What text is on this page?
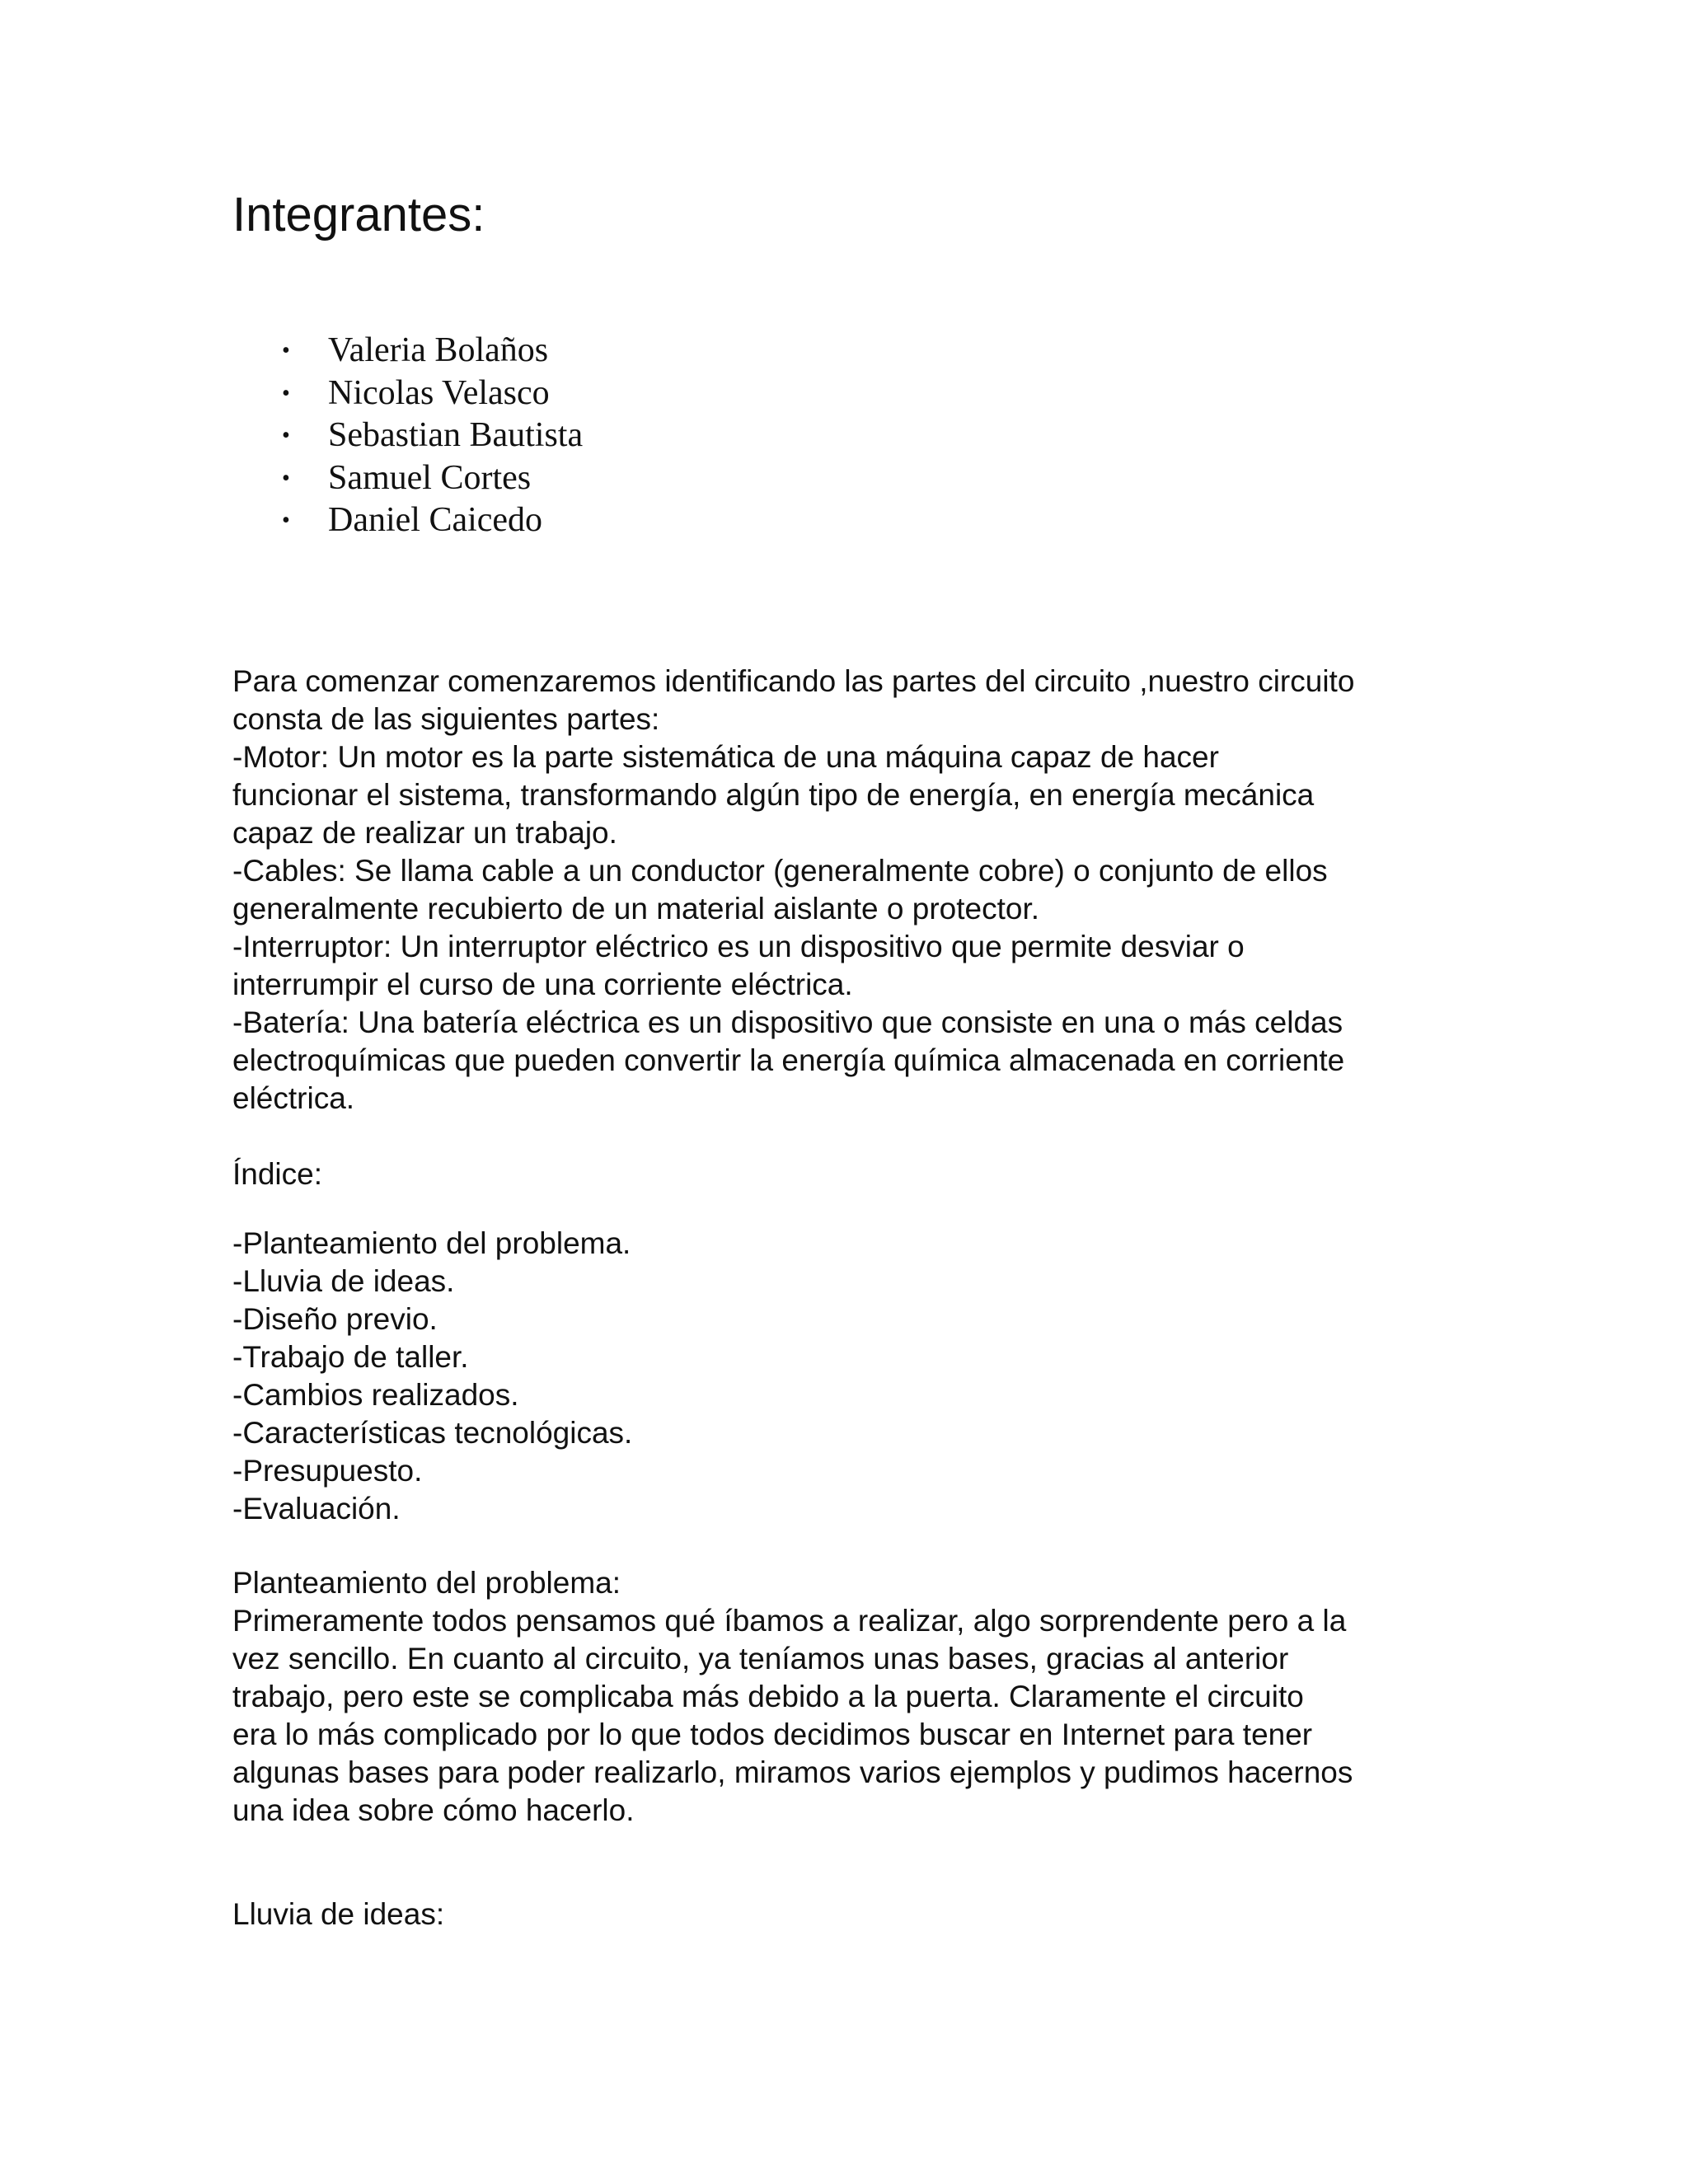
Integrantes:
• Valeria Bolaños
• Nicolas Velasco
• Sebastian Bautista
• Samuel Cortes
• Daniel Caicedo

Para comenzar comenzaremos identificando las partes del circuito ,nuestro circuito

consta de las siguientes partes:

-Motor: Un motor es la parte sistemática de una máquina capaz de hacer

funcionar el sistema, transformando algún tipo de energía, en energía mecánica

capaz de realizar un trabajo.

-Cables: Se llama cable a un conductor (generalmente cobre) o conjunto de ellos

generalmente recubierto de un material aislante o protector.

-Interruptor: Un interruptor eléctrico es un dispositivo que permite desviar o

interrumpir el curso de una corriente eléctrica.

-Batería: Una batería eléctrica es un dispositivo que consiste en una o más celdas

electroquímicas que pueden convertir la energía química almacenada en corriente

eléctrica.

Índice:

-Planteamiento del problema.

-Lluvia de ideas.

-Diseño previo.

-Trabajo de taller.

-Cambios realizados.

-Características tecnológicas.

-Presupuesto.

-Evaluación.

Planteamiento del problema:

Primeramente todos pensamos qué íbamos a realizar, algo sorprendente pero a la

vez sencillo. En cuanto al circuito, ya teníamos unas bases, gracias al anterior

trabajo, pero este se complicaba más debido a la puerta. Claramente el circuito

era lo más complicado por lo que todos decidimos buscar en Internet para tener

algunas bases para poder realizarlo, miramos varios ejemplos y pudimos hacernos

una idea sobre cómo hacerlo.

Lluvia de ideas:
